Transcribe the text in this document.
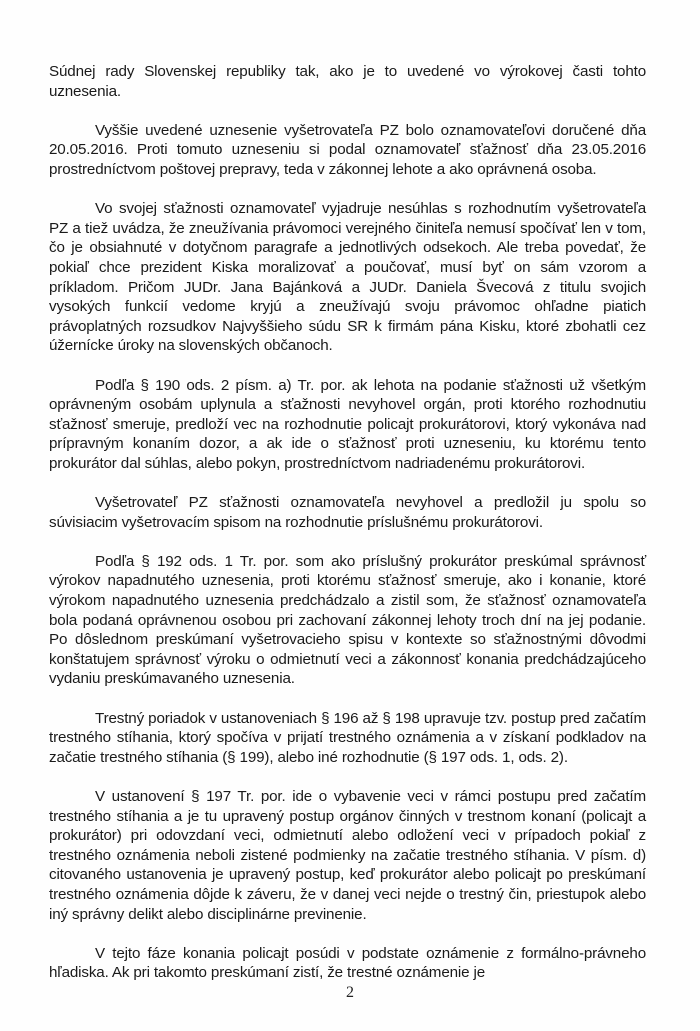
Súdnej rady Slovenskej republiky tak, ako je to uvedené vo výrokovej časti tohto uznesenia.

Vyššie uvedené uznesenie vyšetrovateľa PZ bolo oznamovateľovi doručené dňa 20.05.2016. Proti tomuto uzneseniu si podal oznamovateľ sťažnosť dňa 23.05.2016 prostredníctvom poštovej prepravy, teda v zákonnej lehote a ako oprávnená osoba.

Vo svojej sťažnosti oznamovateľ vyjadruje nesúhlas s rozhodnutím vyšetrovateľa PZ a tiež uvádza, že zneužívania právomoci verejného činiteľa nemusí spočívať len v tom, čo je obsiahnuté v dotyčnom paragrafe a jednotlivých odsekoch. Ale treba povedať, že pokiaľ chce prezident Kiska moralizovať a poučovať, musí byť on sám vzorom a príkladom. Pričom JUDr. Jana Bajánková a JUDr. Daniela Švecová z titulu svojich vysokých funkcií vedome kryjú a zneužívajú svoju právomoc ohľadne piatich právoplatných rozsudkov Najvyššieho súdu SR k firmám pána Kisku, ktoré zbohatli cez úžernícke úroky na slovenských občanoch.

Podľa § 190 ods. 2 písm. a) Tr. por. ak lehota na podanie sťažnosti už všetkým oprávneným osobám uplynula a sťažnosti nevyhovel orgán, proti ktorého rozhodnutiu sťažnosť smeruje, predloží vec na rozhodnutie policajt prokurátorovi, ktorý vykonáva nad prípravným konaním dozor, a ak ide o sťažnosť proti uzneseniu, ku ktorému tento prokurátor dal súhlas, alebo pokyn, prostredníctvom nadriadenému prokurátorovi.

Vyšetrovateľ PZ sťažnosti oznamovateľa nevyhovel a predložil ju spolu so súvisiacim vyšetrovacím spisom na rozhodnutie príslušnému prokurátorovi.

Podľa § 192 ods. 1 Tr. por. som ako príslušný prokurátor preskúmal správnosť výrokov napadnutého uznesenia, proti ktorému sťažnosť smeruje, ako i konanie, ktoré výrokom napadnutého uznesenia predchádzalo a zistil som, že sťažnosť oznamovateľa bola podaná oprávnenou osobou pri zachovaní zákonnej lehoty troch dní na jej podanie. Po dôslednom preskúmaní vyšetrovacieho spisu v kontexte so sťažnostnými dôvodmi konštatujem správnosť výroku o odmietnutí veci a zákonnosť konania predchádzajúceho vydaniu preskúmavaného uznesenia.

Trestný poriadok v ustanoveniach § 196 až § 198 upravuje tzv. postup pred začatím trestného stíhania, ktorý spočíva v prijatí trestného oznámenia a v získaní podkladov na začatie trestného stíhania (§ 199), alebo iné rozhodnutie (§ 197 ods. 1, ods. 2).

V ustanovení § 197 Tr. por. ide o vybavenie veci v rámci postupu pred začatím trestného stíhania a je tu upravený postup orgánov činných v trestnom konaní (policajt a prokurátor) pri odovzdaní veci, odmietnutí alebo odložení veci v prípadoch pokiaľ z trestného oznámenia neboli zistené podmienky na začatie trestného stíhania. V písm. d) citovaného ustanovenia je upravený postup, keď prokurátor alebo policajt po preskúmaní trestného oznámenia dôjde k záveru, že v danej veci nejde o trestný čin, priestupok alebo iný správny delikt alebo disciplinárne previnenie.

V tejto fáze konania policajt posúdi v podstate oznámenie z formálno-právneho hľadiska. Ak pri takomto preskúmaní zistí, že trestné oznámenie je

2
